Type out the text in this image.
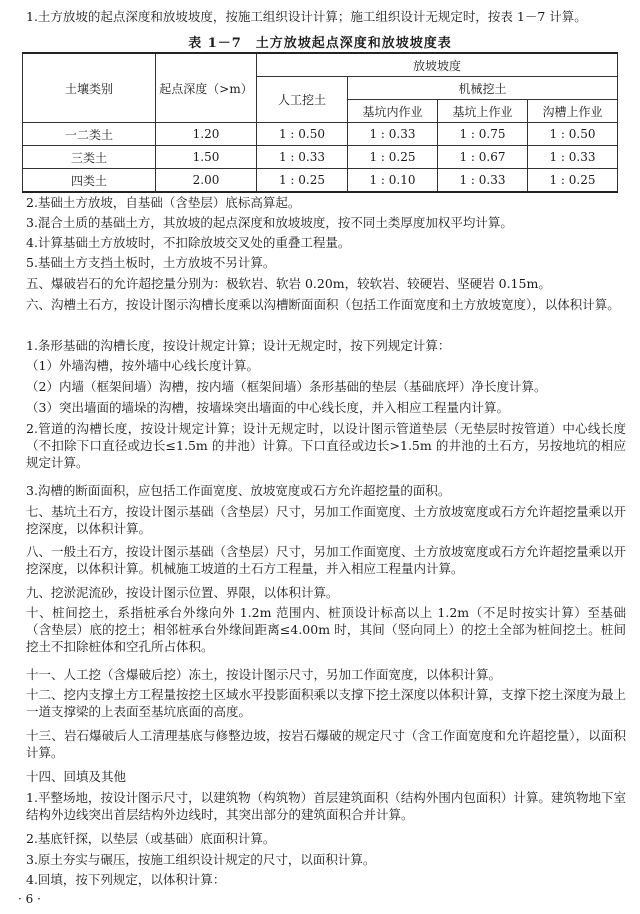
1.土方放坡的起点深度和放坡坡度，按施工组织设计计算；施工组织设计无规定时，按表 1－7 计算。
表 1－7　土方放坡起点深度和放坡坡度表
土壤类别	起点深度（>m）	放坡坡度			
		人工挖土	机械挖土		
			基坑内作业	基坑上作业	沟槽上作业
一二类土	1.20	1 : 0.50	1 : 0.33	1 : 0.75	1 : 0.50
三类土	1.50	1 : 0.33	1 : 0.25	1 : 0.67	1 : 0.33
四类土	2.00	1 : 0.25	1 : 0.10	1 : 0.33	1 : 0.25
2.基础土方放坡，自基础（含垫层）底标高算起。
3.混合土质的基础土方，其放坡的起点深度和放坡坡度，按不同土类厚度加权平均计算。
4.计算基础土方放坡时，不扣除放坡交叉处的重叠工程量。
5.基础土方支挡土板时，土方放坡不另计算。
五、爆破岩石的允许超挖量分别为：极软岩、软岩 0.20m，较软岩、较硬岩、坚硬岩 0.15m。
六、沟槽土石方，按设计图示沟槽长度乘以沟槽断面面积（包括工作面宽度和土方放坡宽度），以体积计算。
1.条形基础的沟槽长度，按设计规定计算；设计无规定时，按下列规定计算：
（1）外墙沟槽，按外墙中心线长度计算。
（2）内墙（框架间墙）沟槽，按内墙（框架间墙）条形基础的垫层（基础底坪）净长度计算。
（3）突出墙面的墙垛的沟槽，按墙垛突出墙面的中心线长度，并入相应工程量内计算。
2.管道的沟槽长度，按设计规定计算；设计无规定时，以设计图示管道垫层（无垫层时按管道）中心线长度（不扣除下口直径或边长≤1.5m 的井池）计算。下口直径或边长>1.5m 的井池的土石方，另按地坑的相应规定计算。
3.沟槽的断面面积，应包括工作面宽度、放坡宽度或石方允许超挖量的面积。
七、基坑土石方，按设计图示基础（含垫层）尺寸，另加工作面宽度、土方放坡宽度或石方允许超挖量乘以开挖深度，以体积计算。
八、一般土石方，按设计图示基础（含垫层）尺寸，另加工作面宽度、土方放坡宽度或石方允许超挖量乘以开挖深度，以体积计算。机械施工坡道的土石方工程量，并入相应工程量内计算。
九、挖淤泥流砂，按设计图示位置、界限，以体积计算。
十、桩间挖土，系指桩承台外缘向外 1.2m 范围内、桩顶设计标高以上 1.2m（不足时按实计算）至基础（含垫层）底的挖土；相邻桩承台外缘间距离≤4.00m 时，其间（竖向同上）的挖土全部为桩间挖土。桩间挖土不扣除桩体和空孔所占体积。
十一、人工挖（含爆破后挖）冻土，按设计图示尺寸，另加工作面宽度，以体积计算。
十二、挖内支撑土方工程量按挖土区域水平投影面积乘以支撑下挖土深度以体积计算，支撑下挖土深度为最上一道支撑梁的上表面至基坑底面的高度。
十三、岩石爆破后人工清理基底与修整边坡，按岩石爆破的规定尺寸（含工作面宽度和允许超挖量），以面积计算。
十四、回填及其他
1.平整场地，按设计图示尺寸，以建筑物（构筑物）首层建筑面积（结构外围内包面积）计算。建筑物地下室结构外边线突出首层结构外边线时，其突出部分的建筑面积合并计算。
2.基底钎探，以垫层（或基础）底面积计算。
3.原土夯实与碾压，按施工组织设计规定的尺寸，以面积计算。
4.回填，按下列规定，以体积计算：
· 6 ·
